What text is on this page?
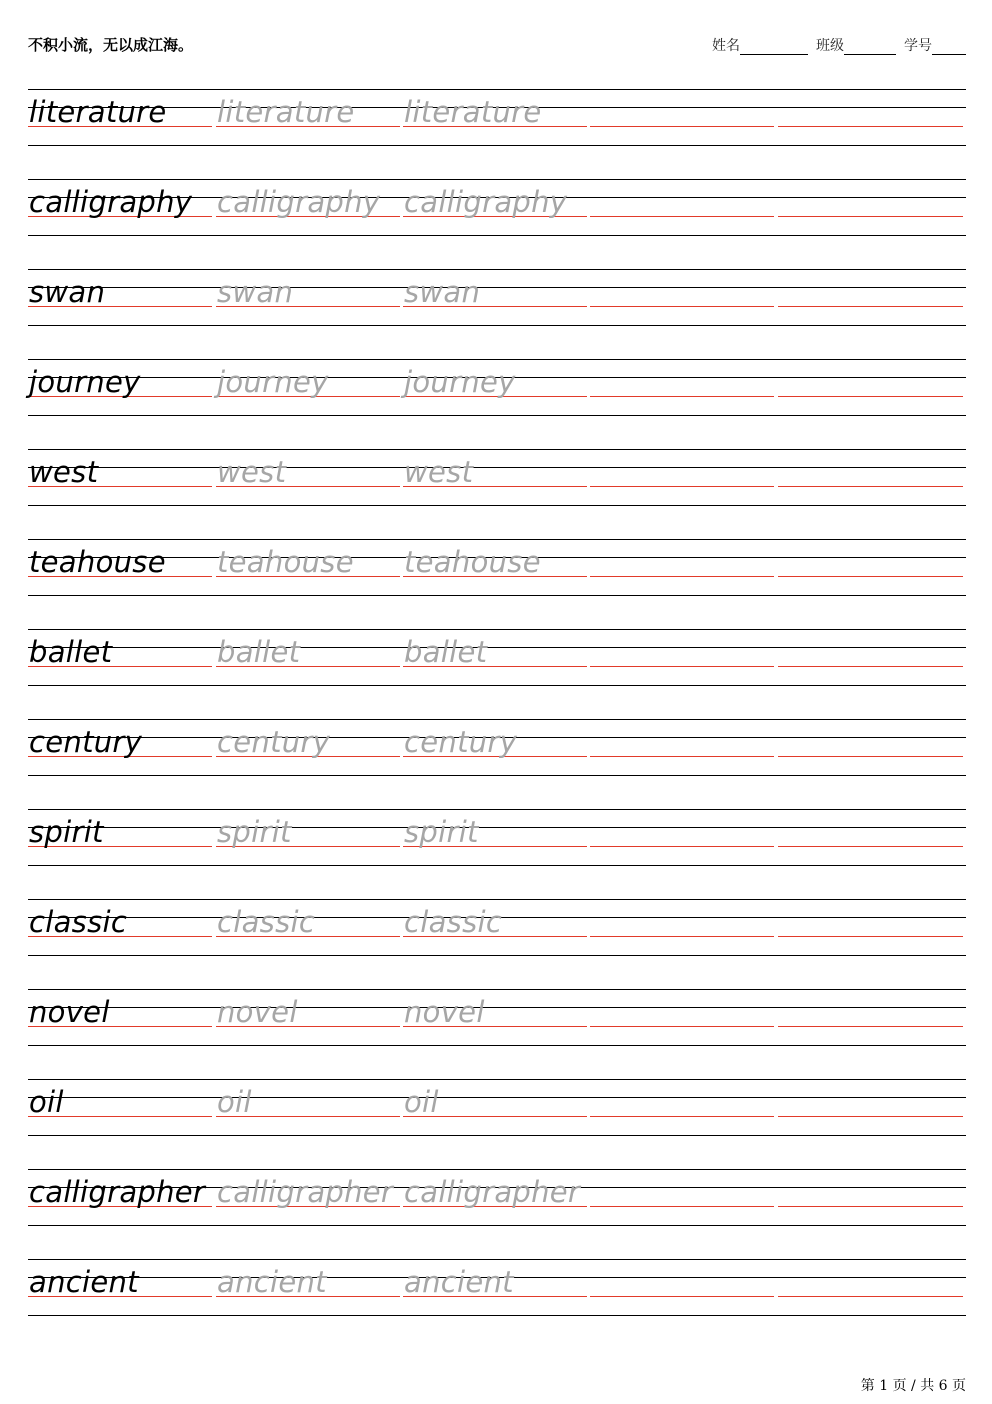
不积小流，无以成江海。	姓名	班级	学号
literature literature literature
calligraphy calligraphy calligraphy
swan	swan	swan
journey	journey	journey
west	west	west
teahouse teahouse teahouse
ballet	ballet	ballet
century	century	century
spirit	spirit	spirit
classic	classic	classic
novel	novel	novel
oil	oil	oil
calligrapher calligrapher calligrapher
ancient	ancient	ancient
第 1 页 / 共 6 页
